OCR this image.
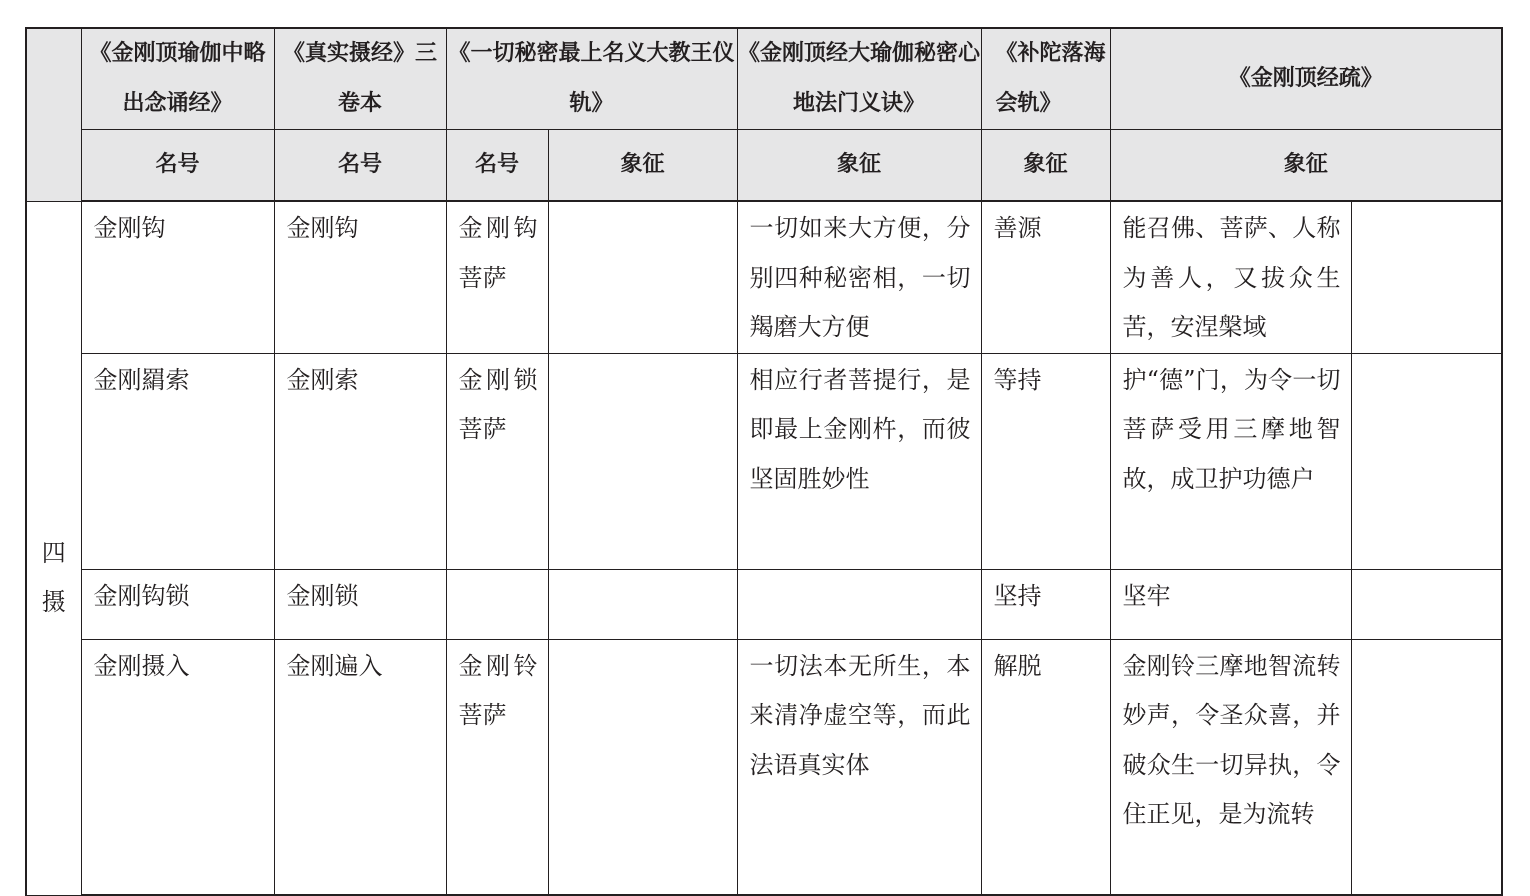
	《金刚顶瑜伽中略出念诵经》	《真实摄经》三卷本	《一切秘密最上名义大教王仪轨》		《金刚顶经大瑜伽秘密心地法门义诀》	《补陀落海会轨》	《金刚顶经疏》	
	名号	名号	名号	象征	象征	象征	象征	

四
摄	金刚钩	金刚钩	金刚钩菩萨		一切如来大方便，分别四种秘密相，一切羯磨大方便	善源	能召佛、菩萨、人称为善人，又拔众生苦，安涅槃域	
	金刚羂索	金刚索	金刚锁菩萨		相应行者菩提行，是即最上金刚杵，而彼坚固胜妙性	等持	护“德”门，为令一切菩萨受用三摩地智故，成卫护功德户	
	金刚钩锁	金刚锁				坚持	坚牢	
	金刚摄入	金刚遍入	金刚铃菩萨		一切法本无所生，本来清净虚空等，而此法语真实体	解脱	金刚铃三摩地智流转妙声，令圣众喜，并破众生一切异执，令住正见，是为流转	
